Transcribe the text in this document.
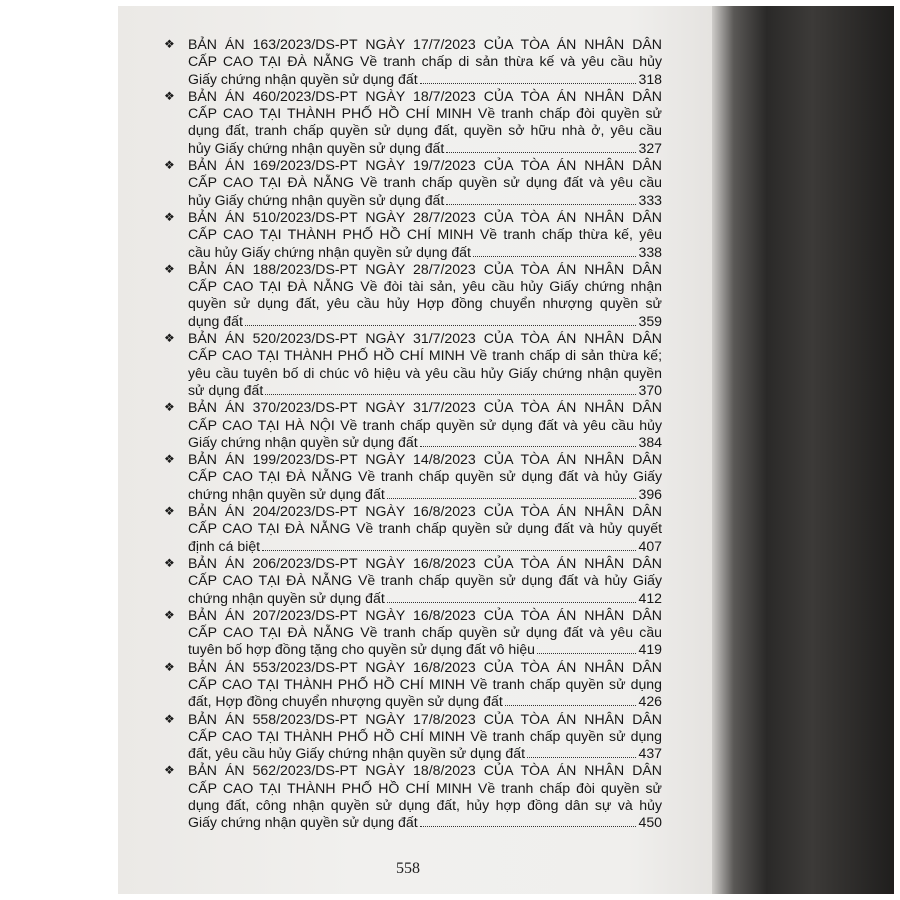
❖ BẢN ÁN 163/2023/DS-PT NGÀY 17/7/2023 CỦA TÒA ÁN NHÂN DÂN
CẤP CAO TẠI ĐÀ NẴNG Về tranh chấp di sản thừa kế và yêu cầu hủy
Giấy chứng nhận quyền sử dụng đất	318
❖ BẢN ÁN 460/2023/DS-PT NGÀY 18/7/2023 CỦA TÒA ÁN NHÂN DÂN
CẤP CAO TẠI THÀNH PHỐ HỒ CHÍ MINH Về tranh chấp đòi quyền sử
dụng đất, tranh chấp quyền sử dụng đất, quyền sở hữu nhà ở, yêu cầu
hủy Giấy chứng nhận quyền sử dụng đất	327
❖ BẢN ÁN 169/2023/DS-PT NGÀY 19/7/2023 CỦA TÒA ÁN NHÂN DÂN
CẤP CAO TẠI ĐÀ NẴNG Về tranh chấp quyền sử dụng đất và yêu cầu
hủy Giấy chứng nhận quyền sử dụng đất	333
❖ BẢN ÁN 510/2023/DS-PT NGÀY 28/7/2023 CỦA TÒA ÁN NHÂN DÂN
CẤP CAO TẠI THÀNH PHỐ HỒ CHÍ MINH Về tranh chấp thừa kế, yêu
cầu hủy Giấy chứng nhận quyền sử dụng đất	338
❖ BẢN ÁN 188/2023/DS-PT NGÀY 28/7/2023 CỦA TÒA ÁN NHÂN DÂN
CẤP CAO TẠI ĐÀ NẴNG Về đòi tài sản, yêu cầu hủy Giấy chứng nhận
quyền sử dụng đất, yêu cầu hủy Hợp đồng chuyển nhượng quyền sử
dụng đất	359
❖ BẢN ÁN 520/2023/DS-PT NGÀY 31/7/2023 CỦA TÒA ÁN NHÂN DÂN
CẤP CAO TẠI THÀNH PHỐ HỒ CHÍ MINH Về tranh chấp di sản thừa kế;
yêu cầu tuyên bố di chúc vô hiệu và yêu cầu hủy Giấy chứng nhận quyền
sử dụng đất	370
❖ BẢN ÁN 370/2023/DS-PT NGÀY 31/7/2023 CỦA TÒA ÁN NHÂN DÂN
CẤP CAO TẠI HÀ NỘI Về tranh chấp quyền sử dụng đất và yêu cầu hủy
Giấy chứng nhận quyền sử dụng đất	384
❖ BẢN ÁN 199/2023/DS-PT NGÀY 14/8/2023 CỦA TÒA ÁN NHÂN DÂN
CẤP CAO TẠI ĐÀ NẴNG Về tranh chấp quyền sử dụng đất và hủy Giấy
chứng nhận quyền sử dụng đất	396
❖ BẢN ÁN 204/2023/DS-PT NGÀY 16/8/2023 CỦA TÒA ÁN NHÂN DÂN
CẤP CAO TẠI ĐÀ NẴNG Về tranh chấp quyền sử dụng đất và hủy quyết
định cá biệt	407
❖ BẢN ÁN 206/2023/DS-PT NGÀY 16/8/2023 CỦA TÒA ÁN NHÂN DÂN
CẤP CAO TẠI ĐÀ NẴNG Về tranh chấp quyền sử dụng đất và hủy Giấy
chứng nhận quyền sử dụng đất	412
❖ BẢN ÁN 207/2023/DS-PT NGÀY 16/8/2023 CỦA TÒA ÁN NHÂN DÂN
CẤP CAO TẠI ĐÀ NẴNG Về tranh chấp quyền sử dụng đất và yêu cầu
tuyên bố hợp đồng tặng cho quyền sử dụng đất vô hiệu	419
❖ BẢN ÁN 553/2023/DS-PT NGÀY 16/8/2023 CỦA TÒA ÁN NHÂN DÂN
CẤP CAO TẠI THÀNH PHỐ HỒ CHÍ MINH Về tranh chấp quyền sử dụng
đất, Hợp đồng chuyển nhượng quyền sử dụng đất	426
❖ BẢN ÁN 558/2023/DS-PT NGÀY 17/8/2023 CỦA TÒA ÁN NHÂN DÂN
CẤP CAO TẠI THÀNH PHỐ HỒ CHÍ MINH Về tranh chấp quyền sử dụng
đất, yêu cầu hủy Giấy chứng nhận quyền sử dụng đất	437
❖ BẢN ÁN 562/2023/DS-PT NGÀY 18/8/2023 CỦA TÒA ÁN NHÂN DÂN
CẤP CAO TẠI THÀNH PHỐ HỒ CHÍ MINH Về tranh chấp đòi quyền sử
dụng đất, công nhận quyền sử dụng đất, hủy hợp đồng dân sự và hủy
Giấy chứng nhận quyền sử dụng đất	450
558
